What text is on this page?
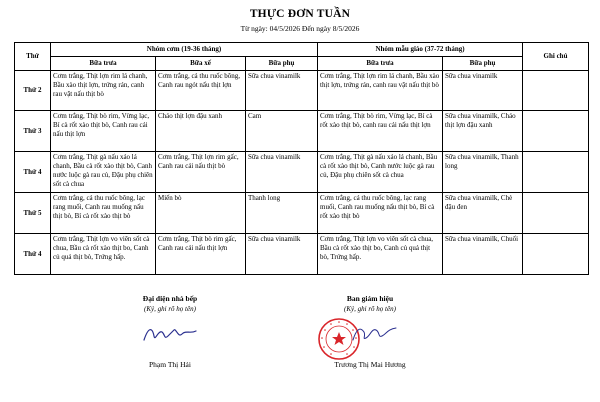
THỰC ĐƠN TUẦN
Từ ngày: 04/5/2026 Đến ngày 8/5/2026
Thứ	Nhóm cơm (19-36 tháng)			Nhóm mẫu giáo (37-72 tháng)		Ghi chú
	Bữa trưa	Bữa xế	Bữa phụ	Bữa trưa	Bữa phụ	
Thứ 2	Cơm trắng, Thịt lợn rim lá chanh, Bầu xào thịt lợn, trứng rán, canh rau vặt nấu thịt bò	Cơm trắng, cá thu ruốc bông, Canh rau ngót nấu thịt lợn	Sữa chua vinamilk	Cơm trắng, Thịt lợn rim lá chanh, Bầu xào thịt lợn, trứng rán, canh rau vặt nấu thịt bò	Sữa chua vinamilk	
Thứ 3	Cơm trắng, Thịt bò rim, Vừng lạc, Bí cà rốt xào thịt bò, Canh rau cải nấu thịt lợn	Cháo thịt lợn đậu xanh	Cam	Cơm trắng, Thịt bò rim, Vừng lạc, Bí cà rốt xào thịt bò, canh rau cải nấu thịt lợn	Sữa chua vinamilk, Cháo thịt lợn đậu xanh	
Thứ 4	Cơm trắng, Thịt gà nấu xáo lá chanh, Bầu cà rốt xào thịt bò, Canh nước luộc gà rau củ, Đậu phụ chiên sốt cà chua	Cơm trắng, Thịt lợn rim gấc, Canh rau cải nấu thịt bò	Sữa chua vinamilk	Cơm trắng, Thịt gà nấu xáo lá chanh, Bầu cà rốt xào thịt bò, Canh nước luộc gà rau củ, Đậu phụ chiên sốt cà chua	Sữa chua vinamilk, Thanh long	
Thứ 5	Cơm trắng, cá thu ruốc bông, lạc rang muối, Canh rau muống nấu thịt bò, Bí cà rốt xào thịt bò	Miến bò	Thanh long	Cơm trắng, cá thu ruốc bông, lạc rang muối, Canh rau muống nấu thịt bò, Bí cà rốt xào thịt bò	Sữa chua vinamilk, Chè đậu đen	
Thứ 4	Cơm trắng, Thịt lợn vo viên sốt cà chua, Bầu cà rốt xào thịt bo, Canh củ quả thịt bò, Trứng hấp.	Cơm trắng, Thịt bò rim gấc, Canh rau cải nấu thịt lợn	Sữa chua vinamilk	Cơm trắng, Thịt lợn vo viên sốt cà chua, Bầu cà rốt xào thịt bo, Canh củ quả thịt bò, Trứng hấp.	Sữa chua vinamilk, Chuối	
Đại diện nhà bếp
(Ký, ghi rõ họ tên)
Phạm Thị Hải
Ban giám hiệu
(Ký, ghi rõ họ tên)
Trương Thị Mai Hương
